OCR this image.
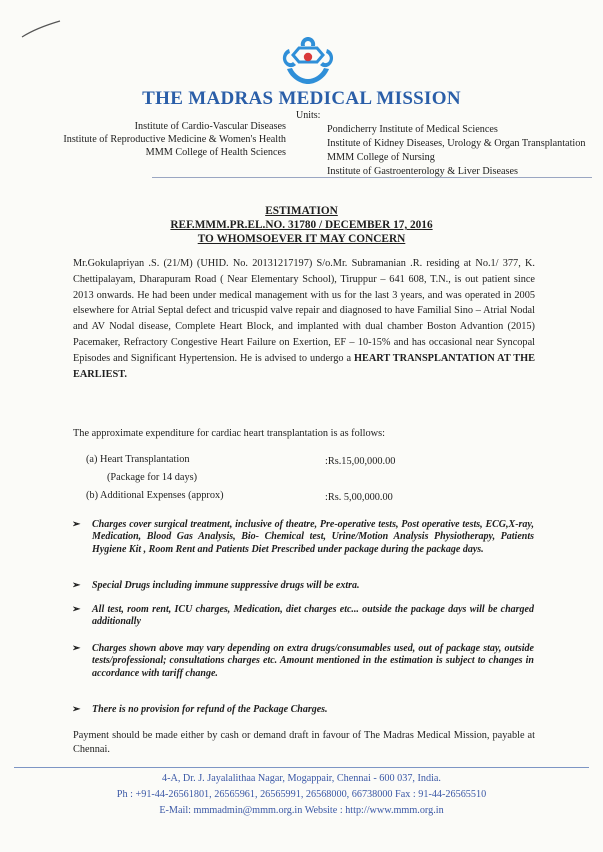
THE MADRAS MEDICAL MISSION
Units:
Institute of Cardio-Vascular Diseases
Institute of Reproductive Medicine & Women's Health
MMM College of Health Sciences
Pondicherry Institute of Medical Sciences
Institute of Kidney Diseases, Urology & Organ Transplantation
MMM College of Nursing
Institute of Gastroenterology & Liver Diseases
ESTIMATION
REF.MMM.PR.EL.NO. 31780 / DECEMBER 17, 2016
TO WHOMSOEVER IT MAY CONCERN
Mr.Gokulapriyan .S. (21/M) (UHID. No. 20131217197) S/o.Mr. Subramanian .R. residing at No.1/ 377, K. Chettipalayam, Dharapuram Road ( Near Elementary School), Tiruppur – 641 608, T.N., is out patient since 2013 onwards. He had been under medical management with us for the last 3 years, and was operated in 2005 elsewhere for Atrial Septal defect and tricuspid valve repair and diagnosed to have Familial Sino – Atrial Nodal and AV Nodal disease, Complete Heart Block, and implanted with dual chamber Boston Advantion (2015) Pacemaker, Refractory Congestive Heart Failure on Exertion, EF – 10-15% and has occasional near Syncopal Episodes and Significant Hypertension. He is advised to undergo a HEART TRANSPLANTATION AT THE EARLIEST.
The approximate expenditure for cardiac heart transplantation is as follows:
(a) Heart Transplantation	:Rs.15,00,000.00
(Package for 14 days)
(b) Additional Expenses (approx)	:Rs. 5,00,000.00
➢ Charges cover surgical treatment, inclusive of theatre, Pre-operative tests, Post operative tests, ECG,X-ray, Medication, Blood Gas Analysis, Bio- Chemical test, Urine/Motion Analysis Physiotherapy, Patients Hygiene Kit , Room Rent and Patients Diet Prescribed under package during the package days.
➢ Special Drugs including immune suppressive drugs will be extra.
➢ All test, room rent, ICU charges, Medication, diet charges etc... outside the package days will be charged additionally
➢ Charges shown above may vary depending on extra drugs/consumables used, out of package stay, outside tests/professional; consultations charges etc. Amount mentioned in the estimation is subject to changes in accordance with tariff change.
➢ There is no provision for refund of the Package Charges.
Payment should be made either by cash or demand draft in favour of The Madras Medical Mission, payable at Chennai.
4-A, Dr. J. Jayalalithaa Nagar, Mogappair, Chennai - 600 037, India.
Ph : +91-44-26561801, 26565961, 26565991, 26568000, 66738000 Fax : 91-44-26565510
E-Mail: mmmadmin@mmm.org.in Website : http://www.mmm.org.in
